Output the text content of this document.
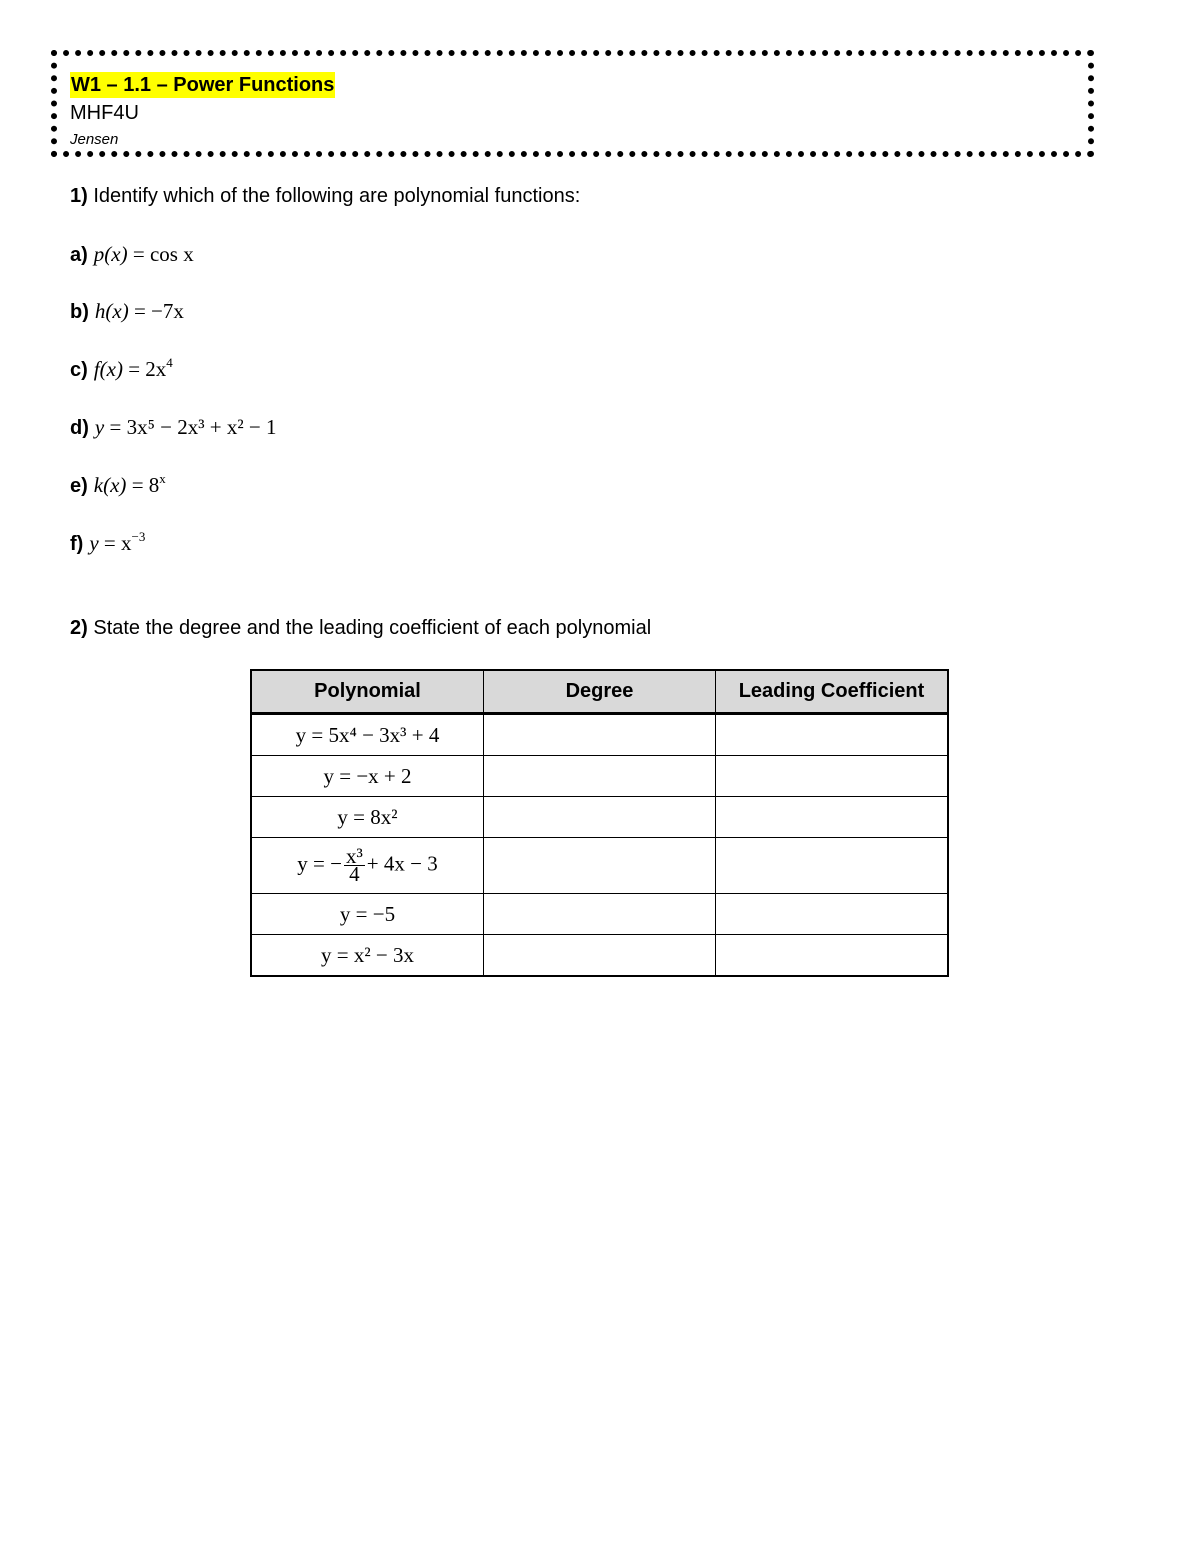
W1 – 1.1 – Power Functions
MHF4U
Jensen
1) Identify which of the following are polynomial functions:
a) p(x) = cos x
b) h(x) = −7x
c) $f(x) = 2x^4$
d) y = 3x⁵ − 2x³ + x² − 1
e) $k(x) = 8^x$
f) $y = x^{-3}$
2) State the degree and the leading coefficient of each polynomial
Polynomial	Degree	Leading Coefficient
y = 5x⁴ − 3x³ + 4		
y = −x + 2		
y = 8x²		
y = − $\frac{\text{x³}}{4} + 4x - 3$		
y = −5		
y = x² − 3x		
